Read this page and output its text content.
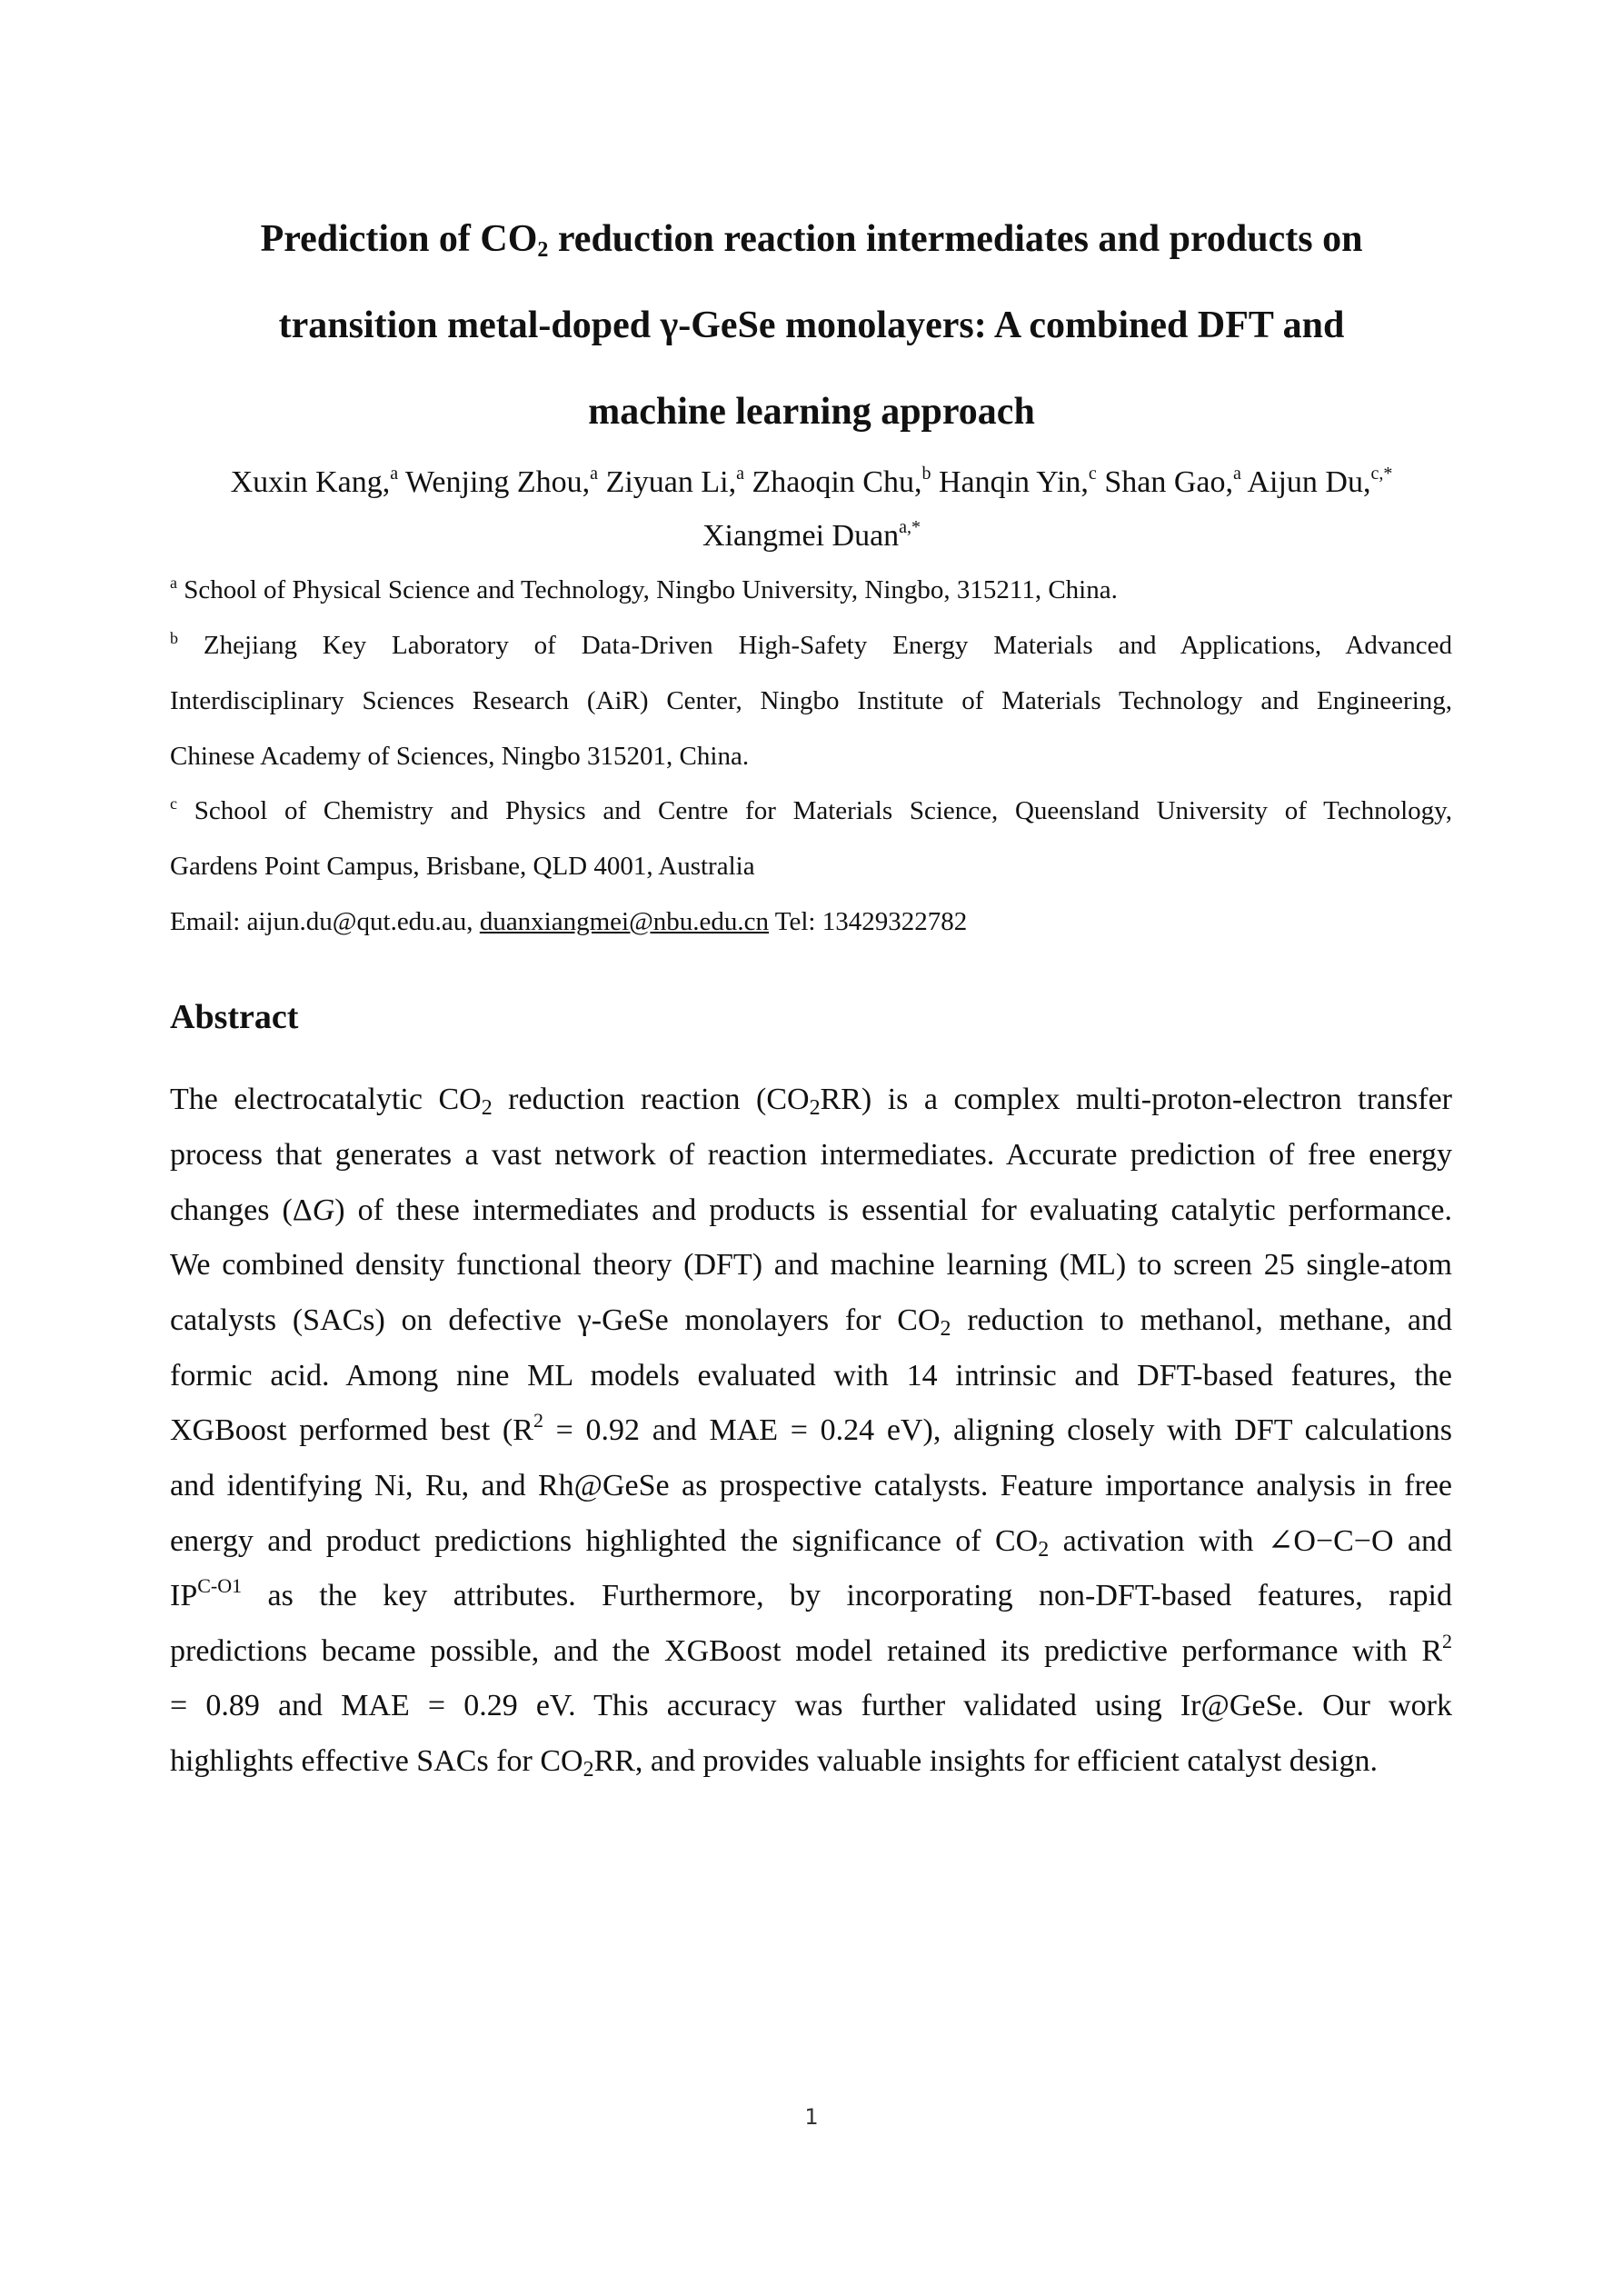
Prediction of $CO_2$ reduction reaction intermediates and products on
transition metal-doped γ-GeSe monolayers: A combined DFT and
machine learning approach
Xuxin Kang,$^a$ Wenjing Zhou,$^a$ Ziyuan Li,$^a$ Zhaoqin Chu,$^b$ Hanqin Yin,$^c$ Shan Gao,$^a$ Aijun Du,$^{c,*}$
Xiangmei Duan$^{a,*}$
$^a$ School of Physical Science and Technology, Ningbo University, Ningbo, 315211, China.
$^b$ Zhejiang Key Laboratory of Data-Driven High-Safety Energy Materials and Applications, Advanced
Interdisciplinary Sciences Research (AiR) Center, Ningbo Institute of Materials Technology and Engineering,
Chinese Academy of Sciences, Ningbo 315201, China.
$^c$ School of Chemistry and Physics and Centre for Materials Science, Queensland University of Technology,
Gardens Point Campus, Brisbane, QLD 4001, Australia
Email: aijun.du@qut.edu.au, duanxiangmei@nbu.edu.cn Tel: 13429322782
Abstract
The electrocatalytic $CO_2$ reduction reaction $(CO_2RR)$ is a complex multi-proton-electron transfer
process that generates a vast network of reaction intermediates. Accurate prediction of free energy
changes (ΔG) of these intermediates and products is essential for evaluating catalytic performance.
We combined density functional theory (DFT) and machine learning (ML) to screen 25 single-atom
catalysts (SACs) on defective γ-GeSe monolayers for $CO_2$ reduction to methanol, methane, and
formic acid. Among nine ML models evaluated with 14 intrinsic and DFT-based features, the
XGBoost performed best ($R^2 = 0.92$ and MAE = 0.24 eV), aligning closely with DFT calculations
and identifying Ni, Ru, and Rh@GeSe as prospective catalysts. Feature importance analysis in free
energy and product predictions highlighted the significance of $CO_2$ activation with ∠O−C−O and
$IP^{C-O1}$ as the key attributes. Furthermore, by incorporating non-DFT-based features, rapid
predictions became possible, and the XGBoost model retained its predictive performance with $R^2$
= 0.89 and MAE = 0.29 eV. This accuracy was further validated using Ir@GeSe. Our work
highlights effective SACs for $CO_2RR$, and provides valuable insights for efficient catalyst design.
1
